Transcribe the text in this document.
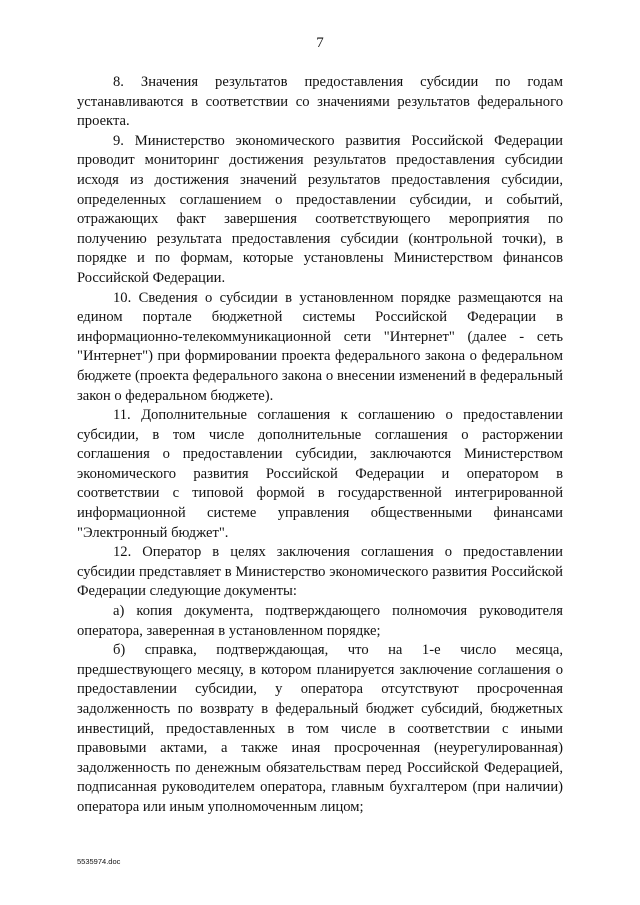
7

8. Значения результатов предоставления субсидии по годам устанавливаются в соответствии со значениями результатов федерального проекта.

9. Министерство экономического развития Российской Федерации проводит мониторинг достижения результатов предоставления субсидии исходя из достижения значений результатов предоставления субсидии, определенных соглашением о предоставлении субсидии, и событий, отражающих факт завершения соответствующего мероприятия по получению результата предоставления субсидии (контрольной точки), в порядке и по формам, которые установлены Министерством финансов Российской Федерации.

10. Сведения о субсидии в установленном порядке размещаются на едином портале бюджетной системы Российской Федерации в информационно-телекоммуникационной сети "Интернет" (далее - сеть "Интернет") при формировании проекта федерального закона о федеральном бюджете (проекта федерального закона о внесении изменений в федеральный закон о федеральном бюджете).

11. Дополнительные соглашения к соглашению о предоставлении субсидии, в том числе дополнительные соглашения о расторжении соглашения о предоставлении субсидии, заключаются Министерством экономического развития Российской Федерации и оператором в соответствии с типовой формой в государственной интегрированной информационной системе управления общественными финансами "Электронный бюджет".

12. Оператор в целях заключения соглашения о предоставлении субсидии представляет в Министерство экономического развития Российской Федерации следующие документы:

а) копия документа, подтверждающего полномочия руководителя оператора, заверенная в установленном порядке;

б) справка, подтверждающая, что на 1-е число месяца, предшествующего месяцу, в котором планируется заключение соглашения о предоставлении субсидии, у оператора отсутствуют просроченная задолженность по возврату в федеральный бюджет субсидий, бюджетных инвестиций, предоставленных в том числе в соответствии с иными правовыми актами, а также иная просроченная (неурегулированная) задолженность по денежным обязательствам перед Российской Федерацией, подписанная руководителем оператора, главным бухгалтером (при наличии) оператора или иным уполномоченным лицом;

5535974.doc
